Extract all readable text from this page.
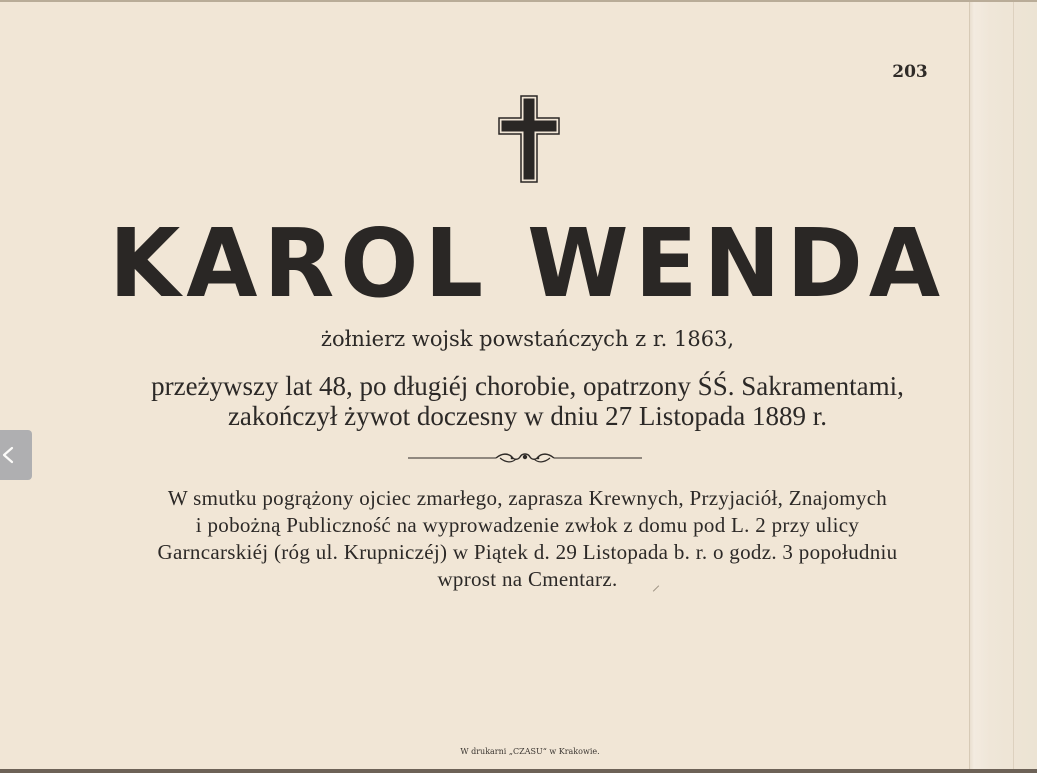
203
KAROL WENDA
żołnierz wojsk powstańczych z r. 1863,
przeżywszy lat 48, po długiéj chorobie, opatrzony ŚŚ. Sakramentami,
zakończył żywot doczesny w dniu 27 Listopada 1889 r.
W smutku pogrążony ojciec zmarłego, zaprasza Krewnych, Przyjaciół, Znajomych
i pobożną Publiczność na wyprowadzenie zwłok z domu pod L. 2 przy ulicy
Garncarskiéj (róg ul. Krupniczéj) w Piątek d. 29 Listopada b. r. o godz. 3 popołudniu
wprost na Cmentarz.
W drukarni „CZASU“ w Krakowie.
